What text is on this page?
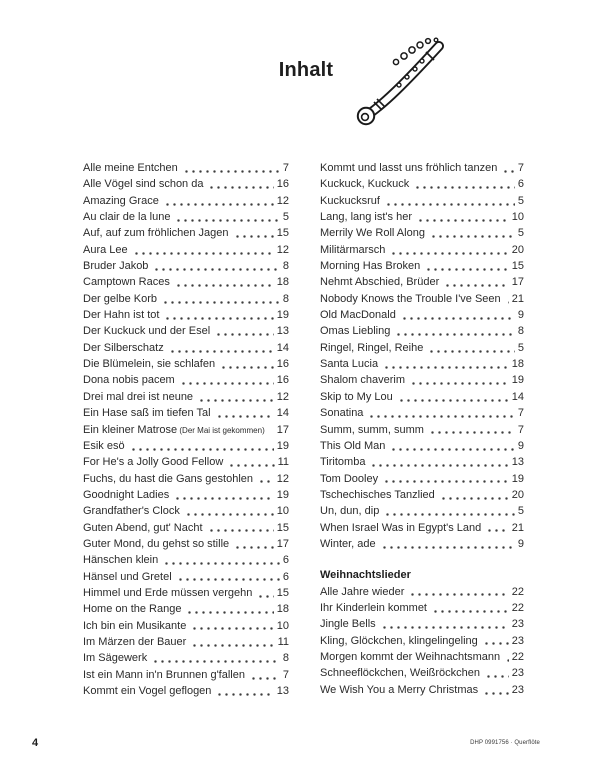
Inhalt
Alle meine Entchen	7
Alle Vögel sind schon da	16
Amazing Grace	12
Au clair de la lune	5
Auf, auf zum fröhlichen Jagen	15
Aura Lee	12
Bruder Jakob	8
Camptown Races	18
Der gelbe Korb	8
Der Hahn ist tot	19
Der Kuckuck und der Esel	13
Der Silberschatz	14
Die Blümelein, sie schlafen	16
Dona nobis pacem	16
Drei mal drei ist neune	12
Ein Hase saß im tiefen Tal	14
Ein kleiner Matrose (Der Mai ist gekommen) 17
Esik esö	19
For He's a Jolly Good Fellow	11
Fuchs, du hast die Gans gestohlen 12
Goodnight Ladies	19
Grandfather's Clock	10
Guten Abend, gut' Nacht	15
Guter Mond, du gehst so stille	17
Hänschen klein	6
Hänsel und Gretel	6
Himmel und Erde müssen vergehn 15
Home on the Range	18
Ich bin ein Musikante	10
Im Märzen der Bauer	11
Im Sägewerk	8
Ist ein Mann in'n Brunnen g'fallen	7
Kommt ein Vogel geflogen	13
Kommt und lasst uns fröhlich tanzen 7
Kuckuck, Kuckuck	6
Kuckucksruf	5
Lang, lang ist's her	10
Merrily We Roll Along	5
Militärmarsch	20
Morning Has Broken	15
Nehmt Abschied, Brüder	17
Nobody Knows the Trouble I've Seen 21
Old MacDonald	9
Omas Liebling	8
Ringel, Ringel, Reihe	5
Santa Lucia	18
Shalom chaverim	19
Skip to My Lou	14
Sonatina	7
Summ, summ, summ	7
This Old Man	9
Tiritomba	13
Tom Dooley	19
Tschechisches Tanzlied	20
Un, dun, dip	5
When Israel Was in Egypt's Land	21
Winter, ade	9
Weihnachtslieder
Alle Jahre wieder	22
Ihr Kinderlein kommet	22
Jingle Bells	23
Kling, Glöckchen, klingelingeling	23
Morgen kommt der Weihnachtsmann 22
Schneeflöckchen, Weißröckchen	23
We Wish You a Merry Christmas	23
4	DHP 0991756 · Querflöte
